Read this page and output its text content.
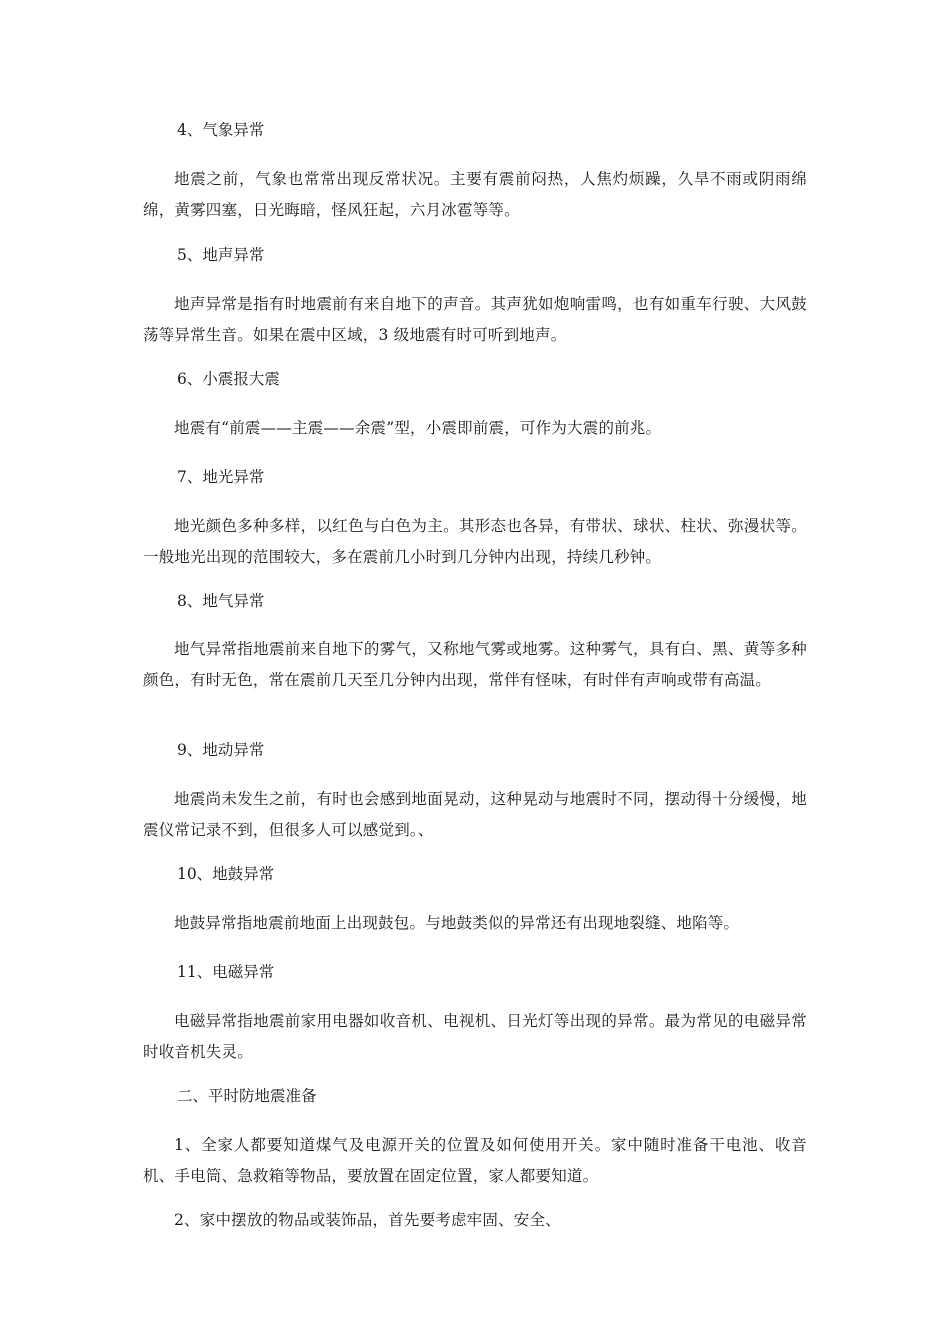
4、气象异常

地震之前，气象也常常出现反常状况。主要有震前闷热，人焦灼烦躁，久旱不雨或阴雨绵绵，黄雾四塞，日光晦暗，怪风狂起，六月冰雹等等。

5、地声异常

地声异常是指有时地震前有来自地下的声音。其声犹如炮响雷鸣，也有如重车行驶、大风鼓荡等异常生音。如果在震中区域，3 级地震有时可听到地声。

6、小震报大震

地震有“前震——主震——余震”型，小震即前震，可作为大震的前兆。

7、地光异常

地光颜色多种多样，以红色与白色为主。其形态也各异，有带状、球状、柱状、弥漫状等。一般地光出现的范围较大，多在震前几小时到几分钟内出现，持续几秒钟。

8、地气异常

地气异常指地震前来自地下的雾气，又称地气雾或地雾。这种雾气，具有白、黑、黄等多种颜色，有时无色，常在震前几天至几分钟内出现，常伴有怪味，有时伴有声响或带有高温。

9、地动异常

地震尚未发生之前，有时也会感到地面晃动，这种晃动与地震时不同，摆动得十分缓慢，地震仪常记录不到，但很多人可以感觉到。、

10、地鼓异常

地鼓异常指地震前地面上出现鼓包。与地鼓类似的异常还有出现地裂缝、地陷等。

11、电磁异常

电磁异常指地震前家用电器如收音机、电视机、日光灯等出现的异常。最为常见的电磁异常时收音机失灵。

二、平时防地震准备

1、全家人都要知道煤气及电源开关的位置及如何使用开关。家中随时准备干电池、收音机、手电筒、急救箱等物品，要放置在固定位置，家人都要知道。

2、家中摆放的物品或装饰品，首先要考虑牢固、安全、
